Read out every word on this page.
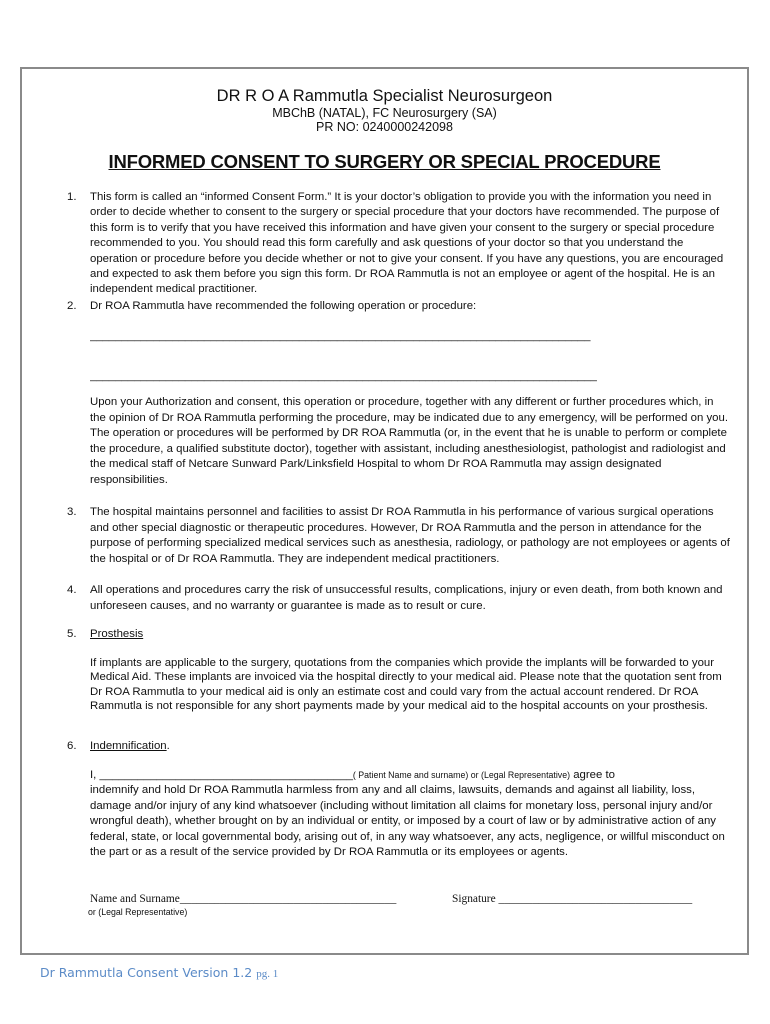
DR R O A Rammutla Specialist Neurosurgeon
MBChB (NATAL), FC Neurosurgery (SA)
PR NO: 0240000242098
INFORMED CONSENT TO SURGERY OR SPECIAL PROCEDURE
1.	This form is called an “informed Consent Form.” It is your doctor’s obligation to provide you with the information you need in order to decide whether to consent to the surgery or special procedure that your doctors have recommended. The purpose of this form is to verify that you have received this information and have given your consent to the surgery or special procedure recommended to you. You should read this form carefully and ask questions of your doctor so that you understand the operation or procedure before you decide whether or not to give your consent. If you have any questions, you are encouraged and expected to ask them before you sign this form. Dr ROA Rammutla is not an employee or agent of the hospital. He is an independent medical practitioner.
2.	Dr ROA Rammutla have recommended the following operation or procedure:
_______________________________________________________________________________
________________________________________________________________________________
Upon your Authorization and consent, this operation or procedure, together with any different or further procedures which, in the opinion of Dr ROA Rammutla performing the procedure, may be indicated due to any emergency, will be performed on you. The operation or procedures will be performed by DR ROA Rammutla (or, in the event that he is unable to perform or complete the procedure, a qualified substitute doctor), together with assistant, including anesthesiologist, pathologist and radiologist and the medical staff of Netcare Sunward Park/Linksfield Hospital to whom Dr ROA Rammutla may assign designated responsibilities.
3.	The hospital maintains personnel and facilities to assist Dr ROA Rammutla in his performance of various surgical operations and other special diagnostic or therapeutic procedures. However, Dr ROA Rammutla and the person in attendance for the purpose of performing specialized medical services such as anesthesia, radiology, or pathology are not employees or agents of the hospital or of Dr ROA Rammutla. They are independent medical practitioners.
4.	All operations and procedures carry the risk of unsuccessful results, complications, injury or even death, from both known and unforeseen causes, and no warranty or guarantee is made as to result or cure.
5.	Prosthesis
If implants are applicable to the surgery, quotations from the companies which provide the implants will be forwarded to your Medical Aid. These implants are invoiced via the hospital directly to your medical aid. Please note that the quotation sent from Dr ROA Rammutla to your medical aid is only an estimate cost and could vary from the actual account rendered. Dr ROA Rammutla is not responsible for any short payments made by your medical aid to the hospital accounts on your prosthesis.
6.	Indemnification.
I, ________________________________________( Patient Name and surname) or (Legal Representative) agree to
indemnify and hold Dr ROA Rammutla harmless from any and all claims, lawsuits, demands and against all liability, loss, damage and/or injury of any kind whatsoever (including without limitation all claims for monetary loss, personal injury and/or wrongful death), whether brought on by an individual or entity, or imposed by a court of law or by administrative action of any federal, state, or local governmental body, arising out of, in any way whatsoever, any acts, negligence, or willful misconduct on the part or as a result of the service provided by Dr ROA Rammutla or its employees or agents.
Name and Surname______________________________________	Signature __________________________________
or (Legal Representative)
Dr Rammutla Consent Version 1.2 pg. 1
